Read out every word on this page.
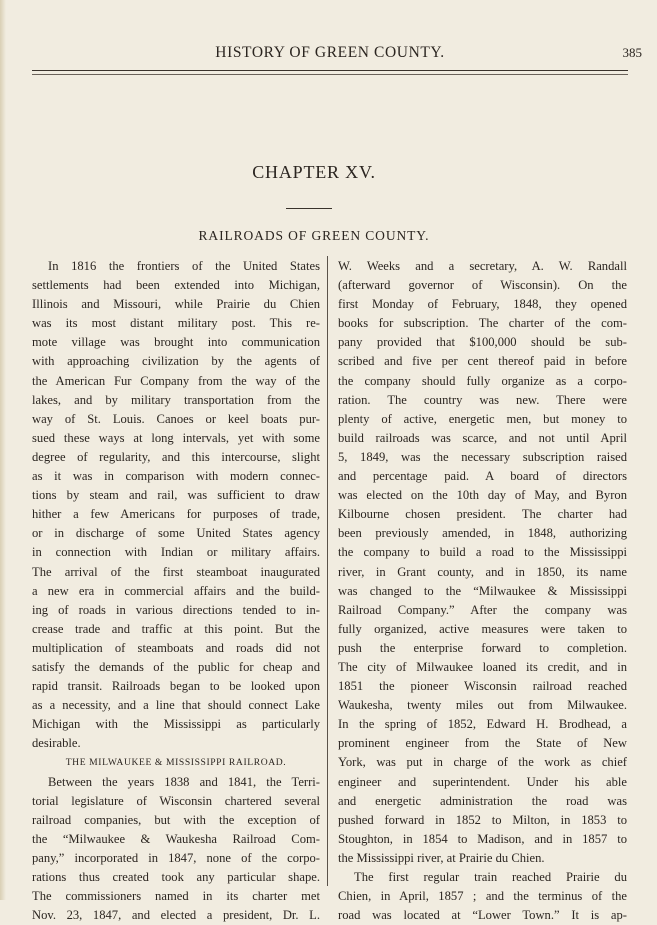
HISTORY OF GREEN COUNTY.	385
CHAPTER XV.
RAILROADS OF GREEN COUNTY.
In 1816 the frontiers of the United States
settlements had been extended into Michigan,
Illinois and Missouri, while Prairie du Chien
was its most distant military post. This re-
mote village was brought into communication
with approaching civilization by the agents of
the American Fur Company from the way of the
lakes, and by military transportation from the
way of St. Louis. Canoes or keel boats pur-
sued these ways at long intervals, yet with some
degree of regularity, and this intercourse, slight
as it was in comparison with modern connec-
tions by steam and rail, was sufficient to draw
hither a few Americans for purposes of trade,
or in discharge of some United States agency
in connection with Indian or military affairs.
The arrival of the first steamboat inaugurated
a new era in commercial affairs and the build-
ing of roads in various directions tended to in-
crease trade and traffic at this point. But the
multiplication of steamboats and roads did not
satisfy the demands of the public for cheap and
rapid transit. Railroads began to be looked upon
as a necessity, and a line that should connect Lake
Michigan with the Mississippi as particularly
desirable.
THE MILWAUKEE & MISSISSIPPI RAILROAD.
Between the years 1838 and 1841, the Terri-
torial legislature of Wisconsin chartered several
railroad companies, but with the exception of
the “Milwaukee & Waukesha Railroad Com-
pany,” incorporated in 1847, none of the corpo-
rations thus created took any particular shape.
The commissioners named in its charter met
Nov. 23, 1847, and elected a president, Dr. L.
W. Weeks and a secretary, A. W. Randall
(afterward governor of Wisconsin). On the
first Monday of February, 1848, they opened
books for subscription. The charter of the com-
pany provided that $100,000 should be sub-
scribed and five per cent thereof paid in before
the company should fully organize as a corpo-
ration. The country was new. There were
plenty of active, energetic men, but money to
build railroads was scarce, and not until April
5, 1849, was the necessary subscription raised
and percentage paid. A board of directors
was elected on the 10th day of May, and Byron
Kilbourne chosen president. The charter had
been previously amended, in 1848, authorizing
the company to build a road to the Mississippi
river, in Grant county, and in 1850, its name
was changed to the “Milwaukee & Mississippi
Railroad Company.” After the company was
fully organized, active measures were taken to
push the enterprise forward to completion.
The city of Milwaukee loaned its credit, and in
1851 the pioneer Wisconsin railroad reached
Waukesha, twenty miles out from Milwaukee.
In the spring of 1852, Edward H. Brodhead, a
prominent engineer from the State of New
York, was put in charge of the work as chief
engineer and superintendent. Under his able
and energetic administration the road was
pushed forward in 1852 to Milton, in 1853 to
Stoughton, in 1854 to Madison, and in 1857 to
the Mississippi river, at Prairie du Chien.
The first regular train reached Prairie du
Chien, in April, 1857 ; and the terminus of the
road was located at “Lower Town.” It is ap-
